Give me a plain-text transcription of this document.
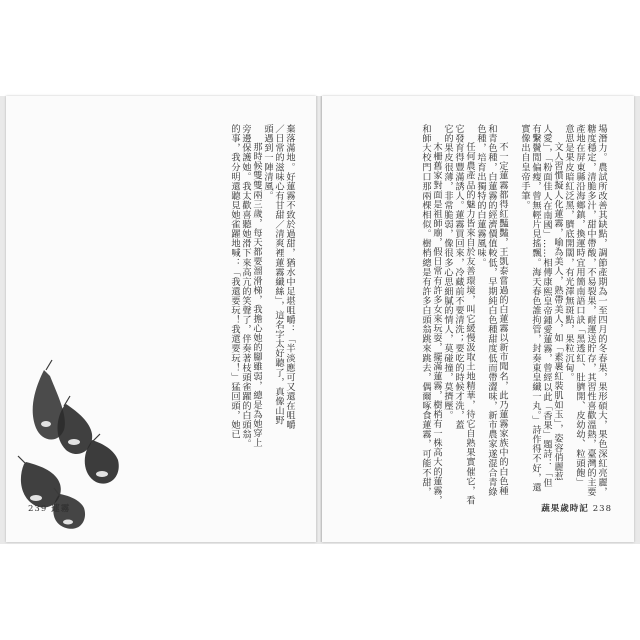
棄落滿地。好蓮霧不致於過甜，猶水中足堪咀嚼：「半淡應可又還在咀嚼
／日常的滋味心有甘甜／清爽裡蓮霧纖絲」，這名字太好聽了，真像山野
頭遇到一陣清風。
那時候雙雙兩三歲，每天都要溜滑梯，我擔心她的腳雖弱，總是為她穿上
旁邊保護她。我太歡喜聽她滑下來高亢的笑聲了，伴奏著枝頭雀躍的白頭翁。
的事，我分明還聽見她雀躍地喊：「我還要玩！我還要玩！」猛回頭，她已
239 蓮霧
場潛力。農試所改善其缺點，調節產期為一至四月的冬春果，果形碩大，果色深紅亮麗，
糖度穩定，清脆多汁，甜中帶酸，不易裂果，耐運送貯存，其習性喜歡溫熱，臺灣的主要
產地在屏東縣沿海鄉鎮，換運時宜用簡南語口訣「黑透紅、肚臍開、皮幼幼、粒頭飽」
意思是果皮暗紅泛黑，臍底開闊，有光澤無斑點，果粒沉甸。
文人習慣擬人化蓮霧，喻為美人，熟帶美人，如「素裹紅裝肌如玉」，姿容俏麗惹
人愛」，「粉面佳人在南國」……相傳康熙皇帝鍾愛蓮霧，曾經以此「香果」題詩：「但
有繫鬢閒偏瘦，曾無輕片見搖飄。海天春色誰拘管，封奏東皇纖一丸。」詩作得不好，還
實像出自皇帝手筆。
不一定蓮霧都得紅豔豔，王凱泰嘗過的白蓮霧以新市聞名，此乃蓮霧家族中的白色種
和青色種，白蓮霧的經濟價值較低，早期純白色種甜度低而帶澀味，新市農家遂混合青綠
色種，培育出獨特的白蓮霧風味。
任何農產品的魅力皆來自於友善環境，叫它緩慢汲取土地精華，待它自熟果實催它，看
它發育得豐滿誘人。蓮霧買回來，冷藏前不要清洗；要吃的時候才洗，蓋
它的果皮很薄，非常脆弱，像很多心思細膩的情人，莫碰撞，莫擠壓。
木柵舊家對面是祖師廟，假日常有許多女來玩耍，擺滿蓮霧，樹梢有一株高大的蓮霧，
和師大校門口那兩棵相似。樹梢總是有許多白頭翁跳來跳去，偶爾啄食蓮霧，可能不甜，
蔬果歲時記 238
